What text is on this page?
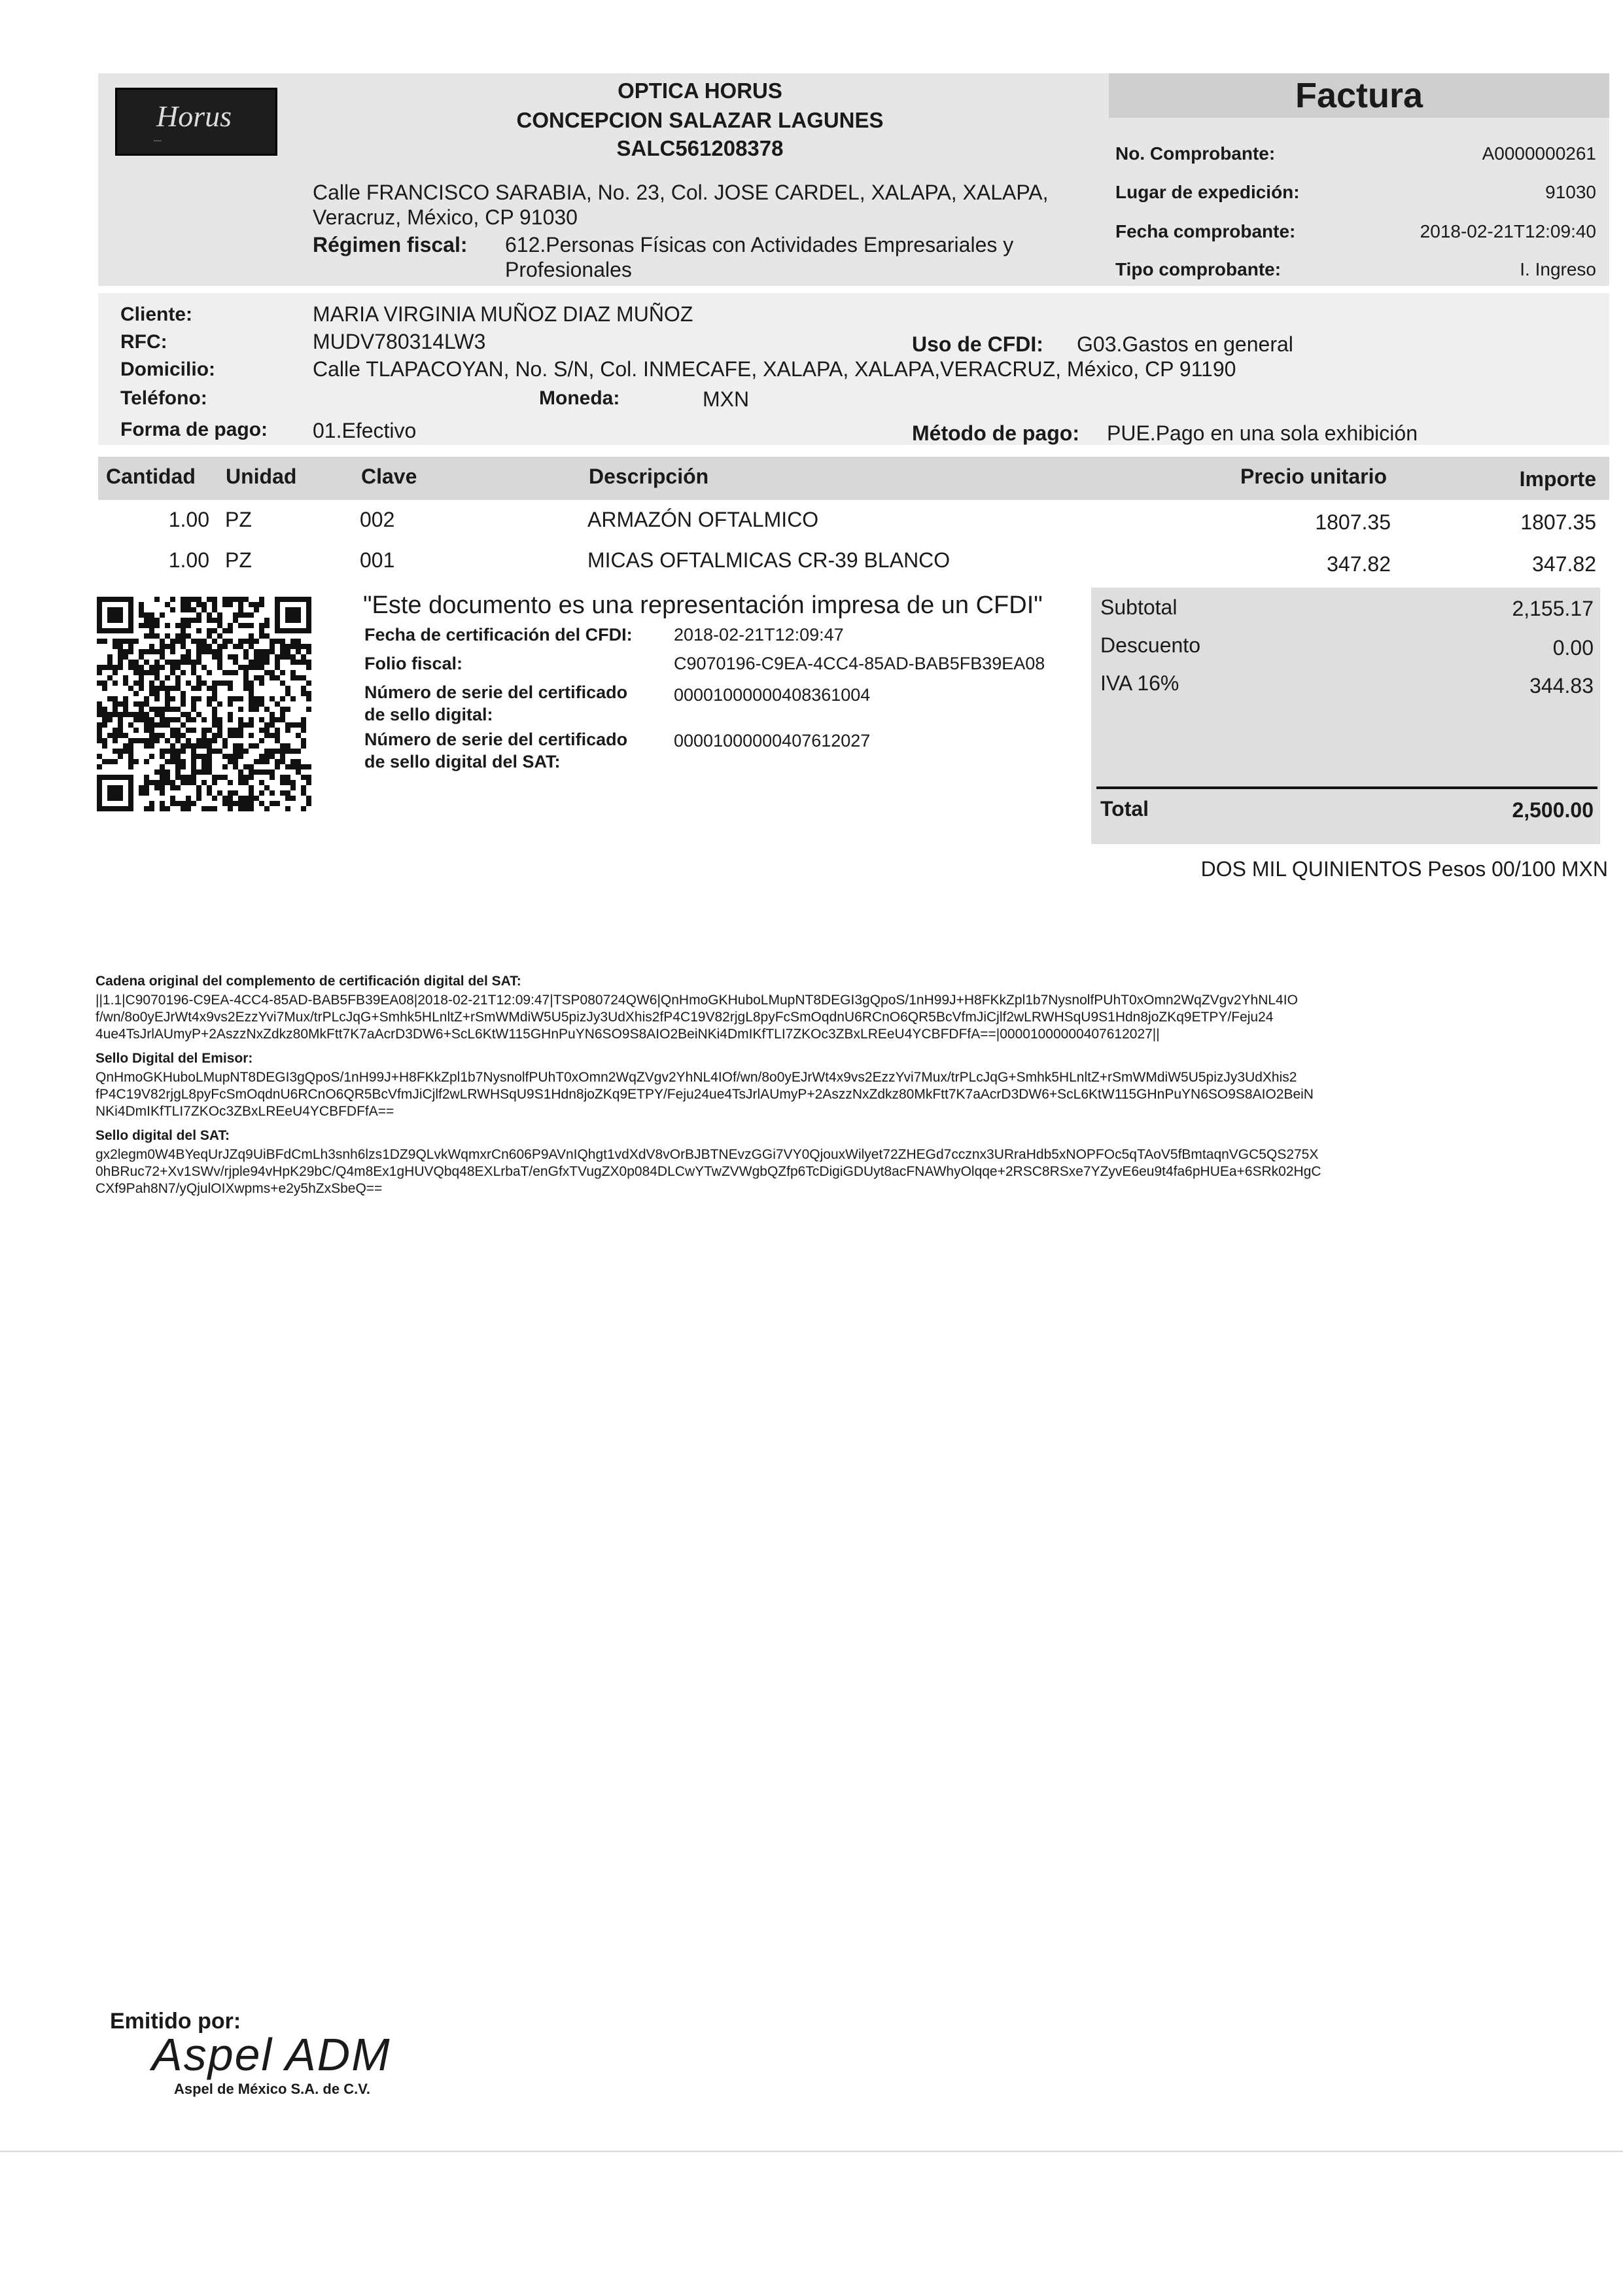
Horus
—
OPTICA HORUS
CONCEPCION SALAZAR LAGUNES
SALC561208378
Calle FRANCISCO SARABIA, No. 23, Col. JOSE CARDEL, XALAPA, XALAPA,
Veracruz, México, CP 91030
Régimen fiscal: 612.Personas Físicas con Actividades Empresariales y
Profesionales
Factura
No. Comprobante:	A0000000261
Lugar de expedición:	91030
Fecha comprobante:	2018-02-21T12:09:40
Tipo comprobante:	I. Ingreso
Cliente:	MARIA VIRGINIA MUÑOZ DIAZ MUÑOZ
RFC:	MUDV780314LW3	Uso de CFDI: G03.Gastos en general
Domicilio:	Calle TLAPACOYAN, No. S/N, Col. INMECAFE, XALAPA, XALAPA,VERACRUZ, México, CP 91190
Teléfono:	Moneda:	MXN
Forma de pago: 01.Efectivo	Método de pago: PUE.Pago en una sola exhibición
Cantidad Unidad	Clave	Descripción	Precio unitario	Importe
1.00 PZ	002	ARMAZÓN OFTALMICO	1807.35	1807.35
1.00 PZ	001	MICAS OFTALMICAS CR-39 BLANCO	347.82	347.82
"Este documento es una representación impresa de un CFDI"
Fecha de certificación del CFDI: 2018-02-21T12:09:47
Folio fiscal:	C9070196-C9EA-4CC4-85AD-BAB5FB39EA08
Número de serie del certificado
de sello digital:
00001000000408361004
Número de serie del certificado
de sello digital del SAT:
00001000000407612027
Subtotal	2,155.17
Descuento	0.00
IVA 16%	344.83
Total	2,500.00
DOS MIL QUINIENTOS Pesos 00/100 MXN
Cadena original del complemento de certificación digital del SAT:
||1.1|C9070196-C9EA-4CC4-85AD-BAB5FB39EA08|2018-02-21T12:09:47|TSP080724QW6|QnHmoGKHuboLMupNT8DEGI3gQpoS/1nH99J+H8FKkZpl1b7NysnolfPUhT0xOmn2WqZVgv2YhNL4IO
f/wn/8o0yEJrWt4x9vs2EzzYvi7Mux/trPLcJqG+Smhk5HLnltZ+rSmWMdiW5U5pizJy3UdXhis2fP4C19V82rjgL8pyFcSmOqdnU6RCnO6QR5BcVfmJiCjlf2wLRWHSqU9S1Hdn8joZKq9ETPY/Feju24
4ue4TsJrlAUmyP+2AszzNxZdkz80MkFtt7K7aAcrD3DW6+ScL6KtW115GHnPuYN6SO9S8AIO2BeiNKi4DmIKfTLI7ZKOc3ZBxLREeU4YCBFDFfA==|00001000000407612027||
Sello Digital del Emisor:
QnHmoGKHuboLMupNT8DEGI3gQpoS/1nH99J+H8FKkZpl1b7NysnolfPUhT0xOmn2WqZVgv2YhNL4IOf/wn/8o0yEJrWt4x9vs2EzzYvi7Mux/trPLcJqG+Smhk5HLnltZ+rSmWMdiW5U5pizJy3UdXhis2
fP4C19V82rjgL8pyFcSmOqdnU6RCnO6QR5BcVfmJiCjlf2wLRWHSqU9S1Hdn8joZKq9ETPY/Feju24ue4TsJrlAUmyP+2AszzNxZdkz80MkFtt7K7aAcrD3DW6+ScL6KtW115GHnPuYN6SO9S8AIO2BeiN
NKi4DmIKfTLI7ZKOc3ZBxLREeU4YCBFDFfA==
Sello digital del SAT:
gx2legm0W4BYeqUrJZq9UiBFdCmLh3snh6lzs1DZ9QLvkWqmxrCn606P9AVnIQhgt1vdXdV8vOrBJBTNEvzGGi7VY0QjouxWilyet72ZHEGd7ccznx3URraHdb5xNOPFOc5qTAoV5fBmtaqnVGC5QS275X
0hBRuc72+Xv1SWv/rjple94vHpK29bC/Q4m8Ex1gHUVQbq48EXLrbaT/enGfxTVugZX0p084DLCwYTwZVWgbQZfp6TcDigiGDUyt8acFNAWhyOlqqe+2RSC8RSxe7YZyvE6eu9t4fa6pHUEa+6SRk02HgC
CXf9Pah8N7/yQjulOIXwpms+e2y5hZxSbeQ==
Emitido por:
Aspel ADM
Aspel de México S.A. de C.V.
